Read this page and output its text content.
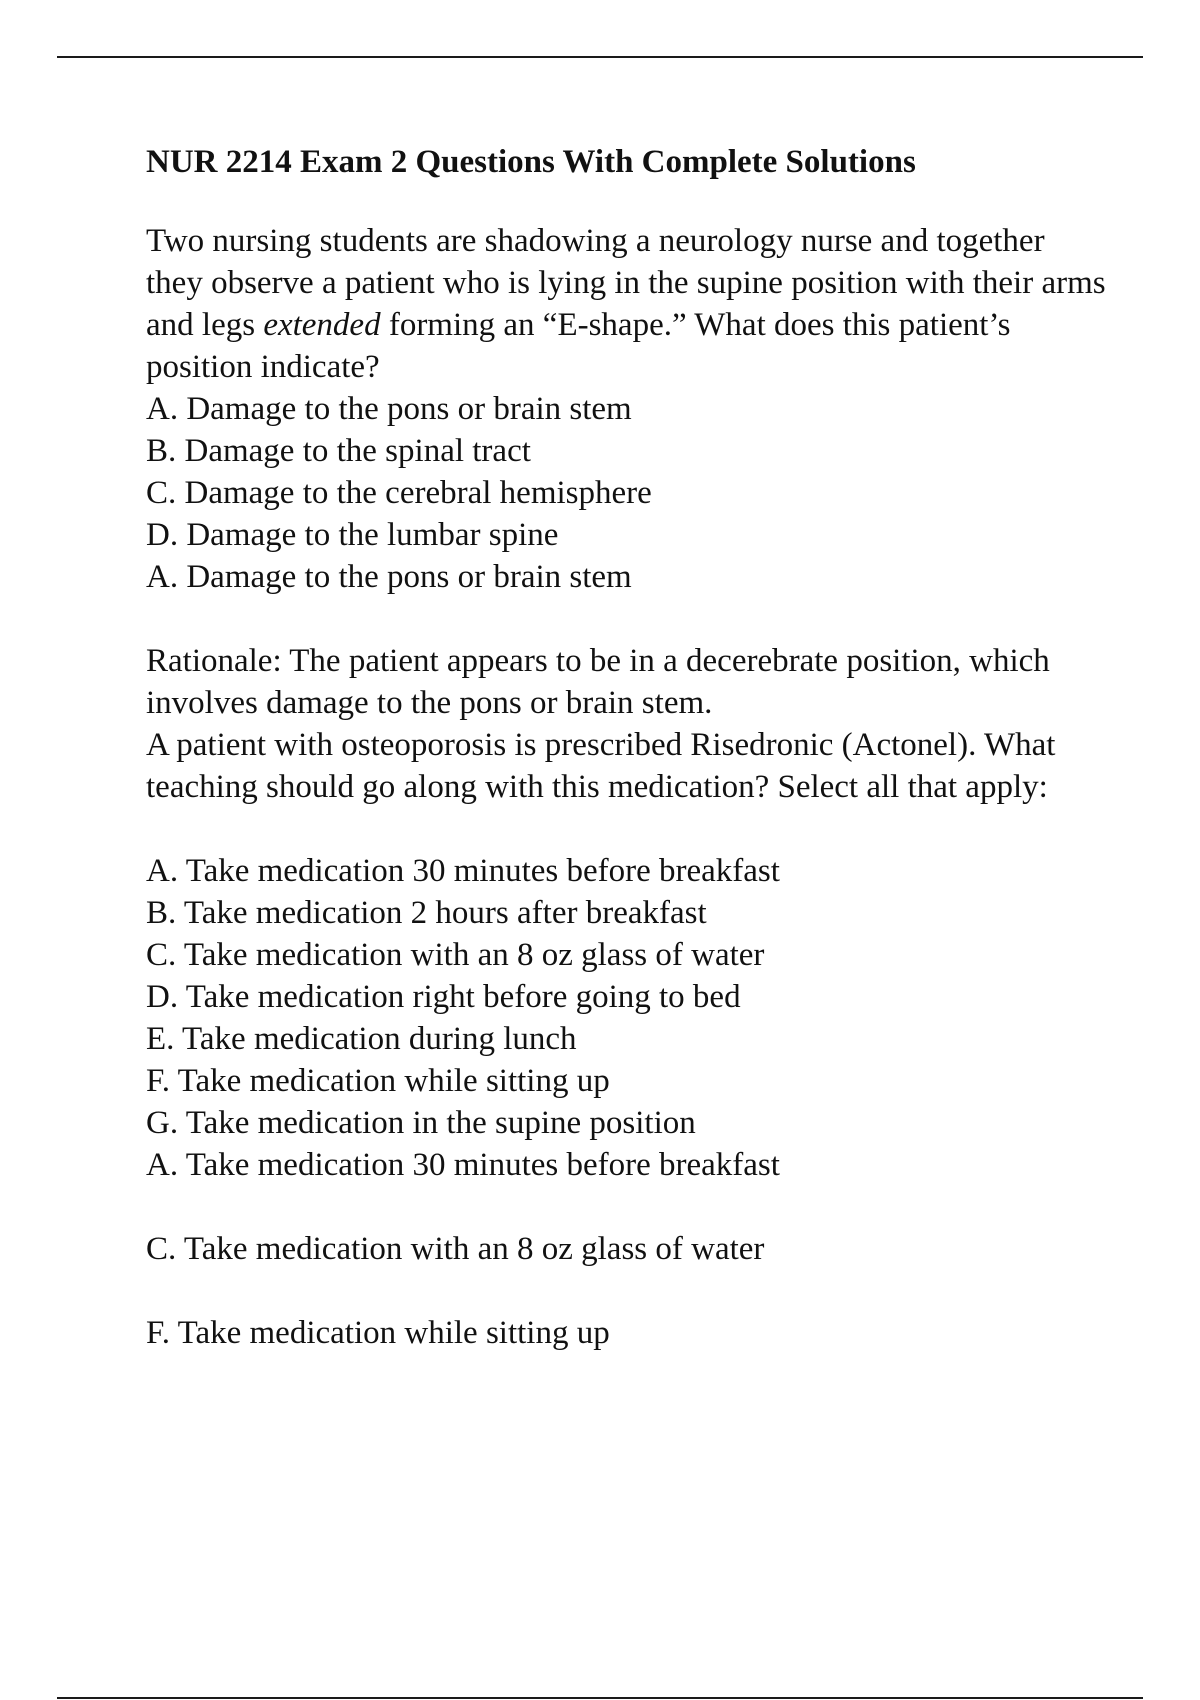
NUR 2214 Exam 2 Questions With Complete Solutions

Two nursing students are shadowing a neurology nurse and together they observe a patient who is lying in the supine position with their arms and legs extended forming an “E-shape.” What does this patient’s position indicate?

A. Damage to the pons or brain stem
B. Damage to the spinal tract
C. Damage to the cerebral hemisphere
D. Damage to the lumbar spine
A. Damage to the pons or brain stem

Rationale: The patient appears to be in a decerebrate position, which involves damage to the pons or brain stem.

A patient with osteoporosis is prescribed Risedronic (Actonel). What teaching should go along with this medication? Select all that apply:

A. Take medication 30 minutes before breakfast
B. Take medication 2 hours after breakfast
C. Take medication with an 8 oz glass of water
D. Take medication right before going to bed
E. Take medication during lunch
F. Take medication while sitting up
G. Take medication in the supine position
A. Take medication 30 minutes before breakfast
C. Take medication with an 8 oz glass of water
F. Take medication while sitting up
